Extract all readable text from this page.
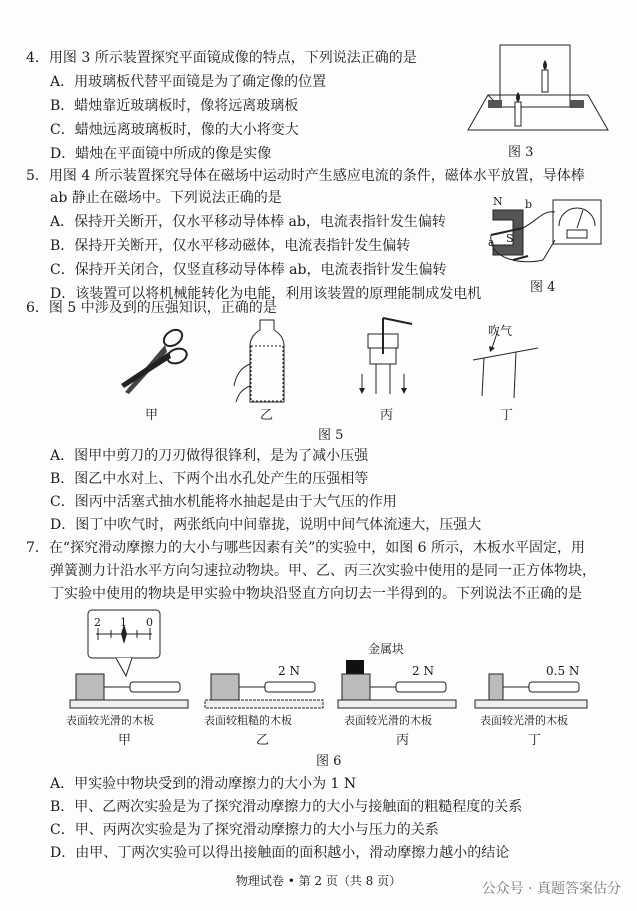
4．用图 3 所示装置探究平面镜成像的特点，下列说法正确的是
A．用玻璃板代替平面镜是为了确定像的位置
B．蜡烛靠近玻璃板时，像将远离玻璃板
C．蜡烛远离玻璃板时，像的大小将变大
D．蜡烛在平面镜中所成的像是实像	图 3
5．用图 4 所示装置探究导体在磁场中运动时产生感应电流的条件，磁体水平放置，导体棒
ab 静止在磁场中。下列说法正确的是
A．保持开关断开，仅水平移动导体棒 ab，电流表指针发生偏转
B．保持开关断开，仅水平移动磁体，电流表指针发生偏转
C．保持开关闭合，仅竖直移动导体棒 ab，电流表指针发生偏转
D．该装置可以将机械能转化为电能，利用该装置的原理能制成发电机
N b
a S
图 4
6．图 5 中涉及到的压强知识，正确的是
吹气
甲	乙	丙	丁
图 5
A．图甲中剪刀的刀刃做得很锋利，是为了减小压强
B．图乙中水对上、下两个出水孔处产生的压强相等
C．图丙中活塞式抽水机能将水抽起是由于大气压的作用
D．图丁中吹气时，两张纸向中间靠拢，说明中间气体流速大，压强大
7．在“探究滑动摩擦力的大小与哪些因素有关”的实验中，如图 6 所示，木板水平固定，用
弹簧测力计沿水平方向匀速拉动物块。甲、乙、丙三次实验中使用的是同一正方体物块，
丁实验中使用的物块是甲实验中物块沿竖直方向切去一半得到的。下列说法不正确的是
2 1 0
金属块
2 N	2 N	0.5 N
表面较光滑的木板	表面较粗糙的木板	表面较光滑的木板	表面较光滑的木板
甲	乙	丙	丁
图 6
A．甲实验中物块受到的滑动摩擦力的大小为 1 N
B．甲、乙两次实验是为了探究滑动摩擦力的大小与接触面的粗糙程度的关系
C．甲、丙两次实验是为了探究滑动摩擦力的大小与压力的关系
D．由甲、丁两次实验可以得出接触面的面积越小，滑动摩擦力越小的结论
物理试卷 • 第 2 页（共 8 页）	公众号 · 真题答案估分
